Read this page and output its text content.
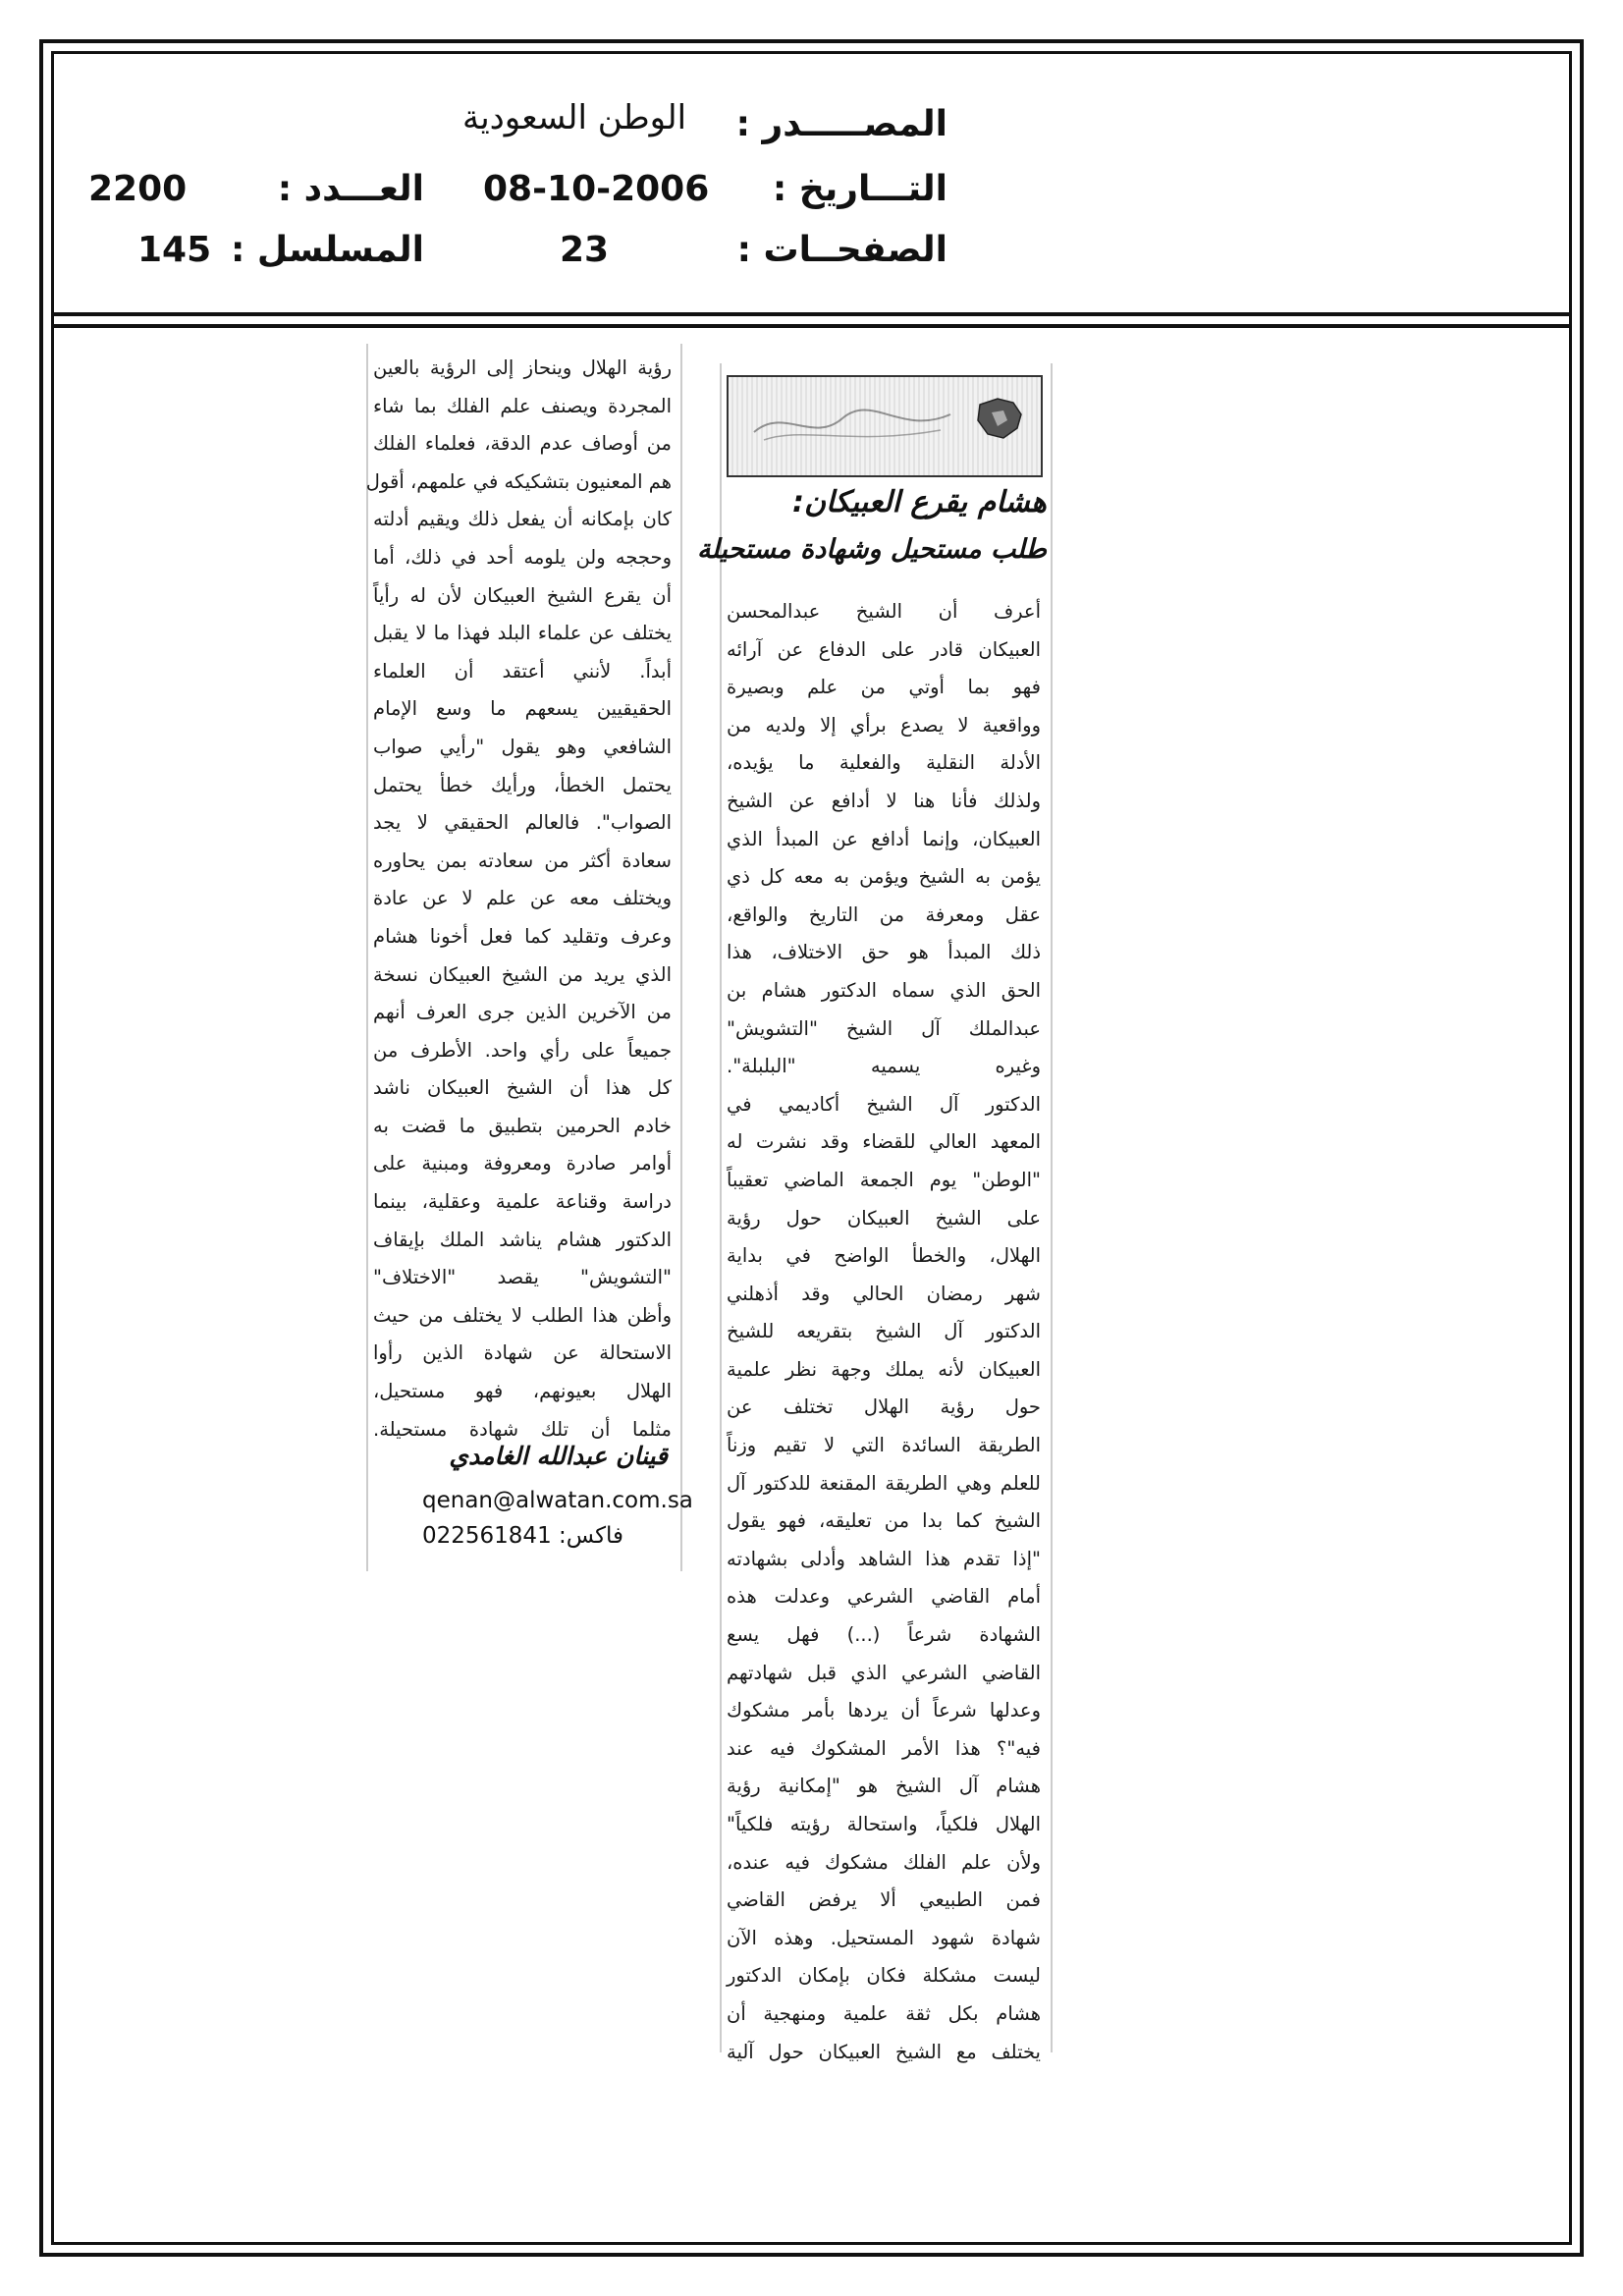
المصـــــدر :
الوطن السعودية
التـــاريخ :
08-10-2006
العـــدد :
2200
الصفحــات :
23
المسلسل :
145
هشام يقرع العبيكان:
طلب مستحيل وشهادة مستحيلة
أعرف أن الشيخ عبدالمحسن
العبيكان قادر على الدفاع عن آرائه
فهو بما أوتي من علم وبصيرة
وواقعية لا يصدع برأي إلا ولديه من
الأدلة النقلية والفعلية ما يؤيده،
ولذلك فأنا هنا لا أدافع عن الشيخ
العبيكان، وإنما أدافع عن المبدأ الذي
يؤمن به الشيخ ويؤمن به معه كل ذي
عقل ومعرفة من التاريخ والواقع،
ذلك المبدأ هو حق الاختلاف، هذا
الحق الذي سماه الدكتور هشام بن
عبدالملك آل الشيخ "التشويش"
وغيره يسميه "البلبلة".
الدكتور آل الشيخ أكاديمي في
المعهد العالي للقضاء وقد نشرت له
"الوطن" يوم الجمعة الماضي تعقيباً
على الشيخ العبيكان حول رؤية
الهلال، والخطأ الواضح في بداية
شهر رمضان الحالي وقد أذهلني
الدكتور آل الشيخ بتقريعه للشيخ
العبيكان لأنه يملك وجهة نظر علمية
حول رؤية الهلال تختلف عن
الطريقة السائدة التي لا تقيم وزناً
للعلم وهي الطريقة المقنعة للدكتور آل
الشيخ كما بدا من تعليقه، فهو يقول
"إذا تقدم هذا الشاهد وأدلى بشهادته
أمام القاضي الشرعي وعدلت هذه
الشهادة شرعاً (...) فهل يسع
القاضي الشرعي الذي قبل شهادتهم
وعدلها شرعاً أن يردها بأمر مشكوك
فيه"؟ هذا الأمر المشكوك فيه عند
هشام آل الشيخ هو "إمكانية رؤية
الهلال فلكياً، واستحالة رؤيته فلكياً"
ولأن علم الفلك مشكوك فيه عنده،
فمن الطبيعي ألا يرفض القاضي
شهادة شهود المستحيل. وهذه الآن
ليست مشكلة فكان بإمكان الدكتور
هشام بكل ثقة علمية ومنهجية أن
يختلف مع الشيخ العبيكان حول آلية
رؤية الهلال وينحاز إلى الرؤية بالعين
المجردة ويصنف علم الفلك بما شاء
من أوصاف عدم الدقة، فعلماء الفلك
هم المعنيون بتشكيكه في علمهم، أقول
كان بإمكانه أن يفعل ذلك ويقيم أدلته
وحججه ولن يلومه أحد في ذلك، أما
أن يقرع الشيخ العبيكان لأن له رأياً
يختلف عن علماء البلد فهذا ما لا يقبل
أبداً. لأنني أعتقد أن العلماء
الحقيقيين يسعهم ما وسع الإمام
الشافعي وهو يقول "رأيي صواب
يحتمل الخطأ، ورأيك خطأ يحتمل
الصواب". فالعالم الحقيقي لا يجد
سعادة أكثر من سعادته بمن يحاوره
ويختلف معه عن علم لا عن عادة
وعرف وتقليد كما فعل أخونا هشام
الذي يريد من الشيخ العبيكان نسخة
من الآخرين الذين جرى العرف أنهم
جميعاً على رأي واحد. الأطرف من
كل هذا أن الشيخ العبيكان ناشد
خادم الحرمين بتطبيق ما قضت به
أوامر صادرة ومعروفة ومبنية على
دراسة وقناعة علمية وعقلية، بينما
الدكتور هشام يناشد الملك بإيقاف
"التشويش" يقصد "الاختلاف"
وأظن هذا الطلب لا يختلف من حيث
الاستحالة عن شهادة الذين رأوا
الهلال بعيونهم، فهو مستحيل،
مثلما أن تلك شهادة مستحيلة.
قينان عبدالله الغامدي
qenan@alwatan.com.sa
فاكس: 022561841
